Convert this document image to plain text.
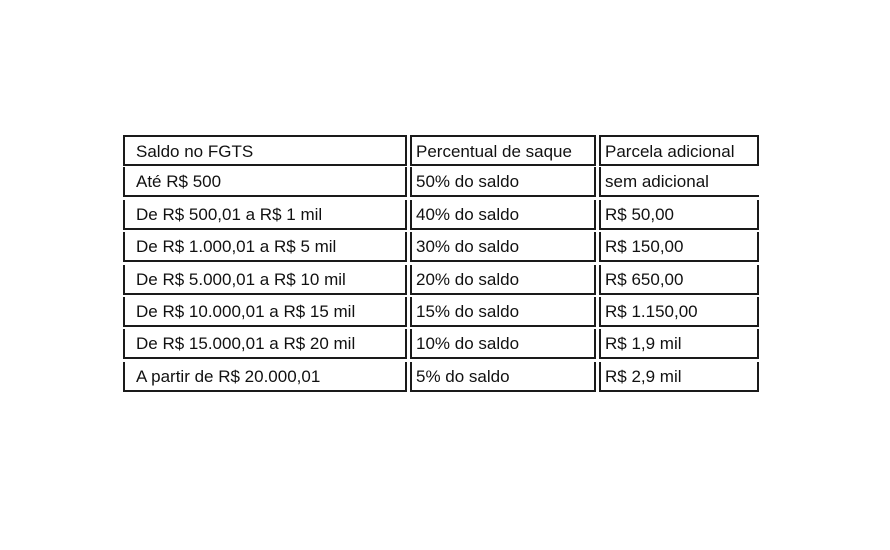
Saldo no FGTS	Percentual de saque	Parcela adicional
Até R$ 500	50% do saldo	sem adicional
De R$ 500,01 a R$ 1 mil	40% do saldo	R$ 50,00
De R$ 1.000,01 a R$ 5 mil	30% do saldo	R$ 150,00
De R$ 5.000,01 a R$ 10 mil	20% do saldo	R$ 650,00
De R$ 10.000,01 a R$ 15 mil	15% do saldo	R$ 1.150,00
De R$ 15.000,01 a R$ 20 mil	10% do saldo	R$ 1,9 mil
A partir de R$ 20.000,01	5% do saldo	R$ 2,9 mil
